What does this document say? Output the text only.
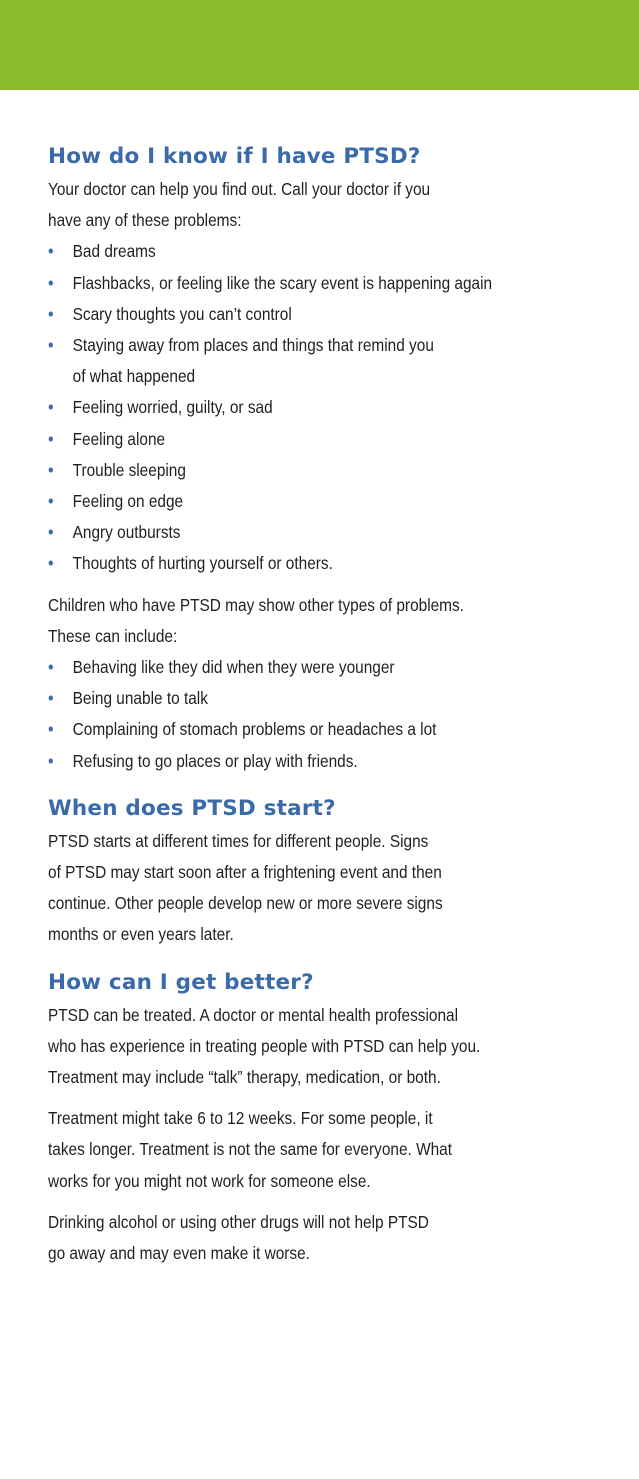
How do I know if I have PTSD?

Your doctor can help you find out. Call your doctor if you
have any of these problems:

• Bad dreams
• Flashbacks, or feeling like the scary event is happening again
• Scary thoughts you can’t control
• Staying away from places and things that remind you
of what happened
• Feeling worried, guilty, or sad
• Feeling alone
• Trouble sleeping
• Feeling on edge
• Angry outbursts
• Thoughts of hurting yourself or others.

Children who have PTSD may show other types of problems.
These can include:

• Behaving like they did when they were younger
• Being unable to talk
• Complaining of stomach problems or headaches a lot
• Refusing to go places or play with friends.
When does PTSD start?

PTSD starts at different times for different people. Signs
of PTSD may start soon after a frightening event and then
continue. Other people develop new or more severe signs
months or even years later.

How can I get better?

PTSD can be treated. A doctor or mental health professional
who has experience in treating people with PTSD can help you.
Treatment may include “talk” therapy, medication, or both.

Treatment might take 6 to 12 weeks. For some people, it
takes longer. Treatment is not the same for everyone. What
works for you might not work for someone else.

Drinking alcohol or using other drugs will not help PTSD
go away and may even make it worse.
